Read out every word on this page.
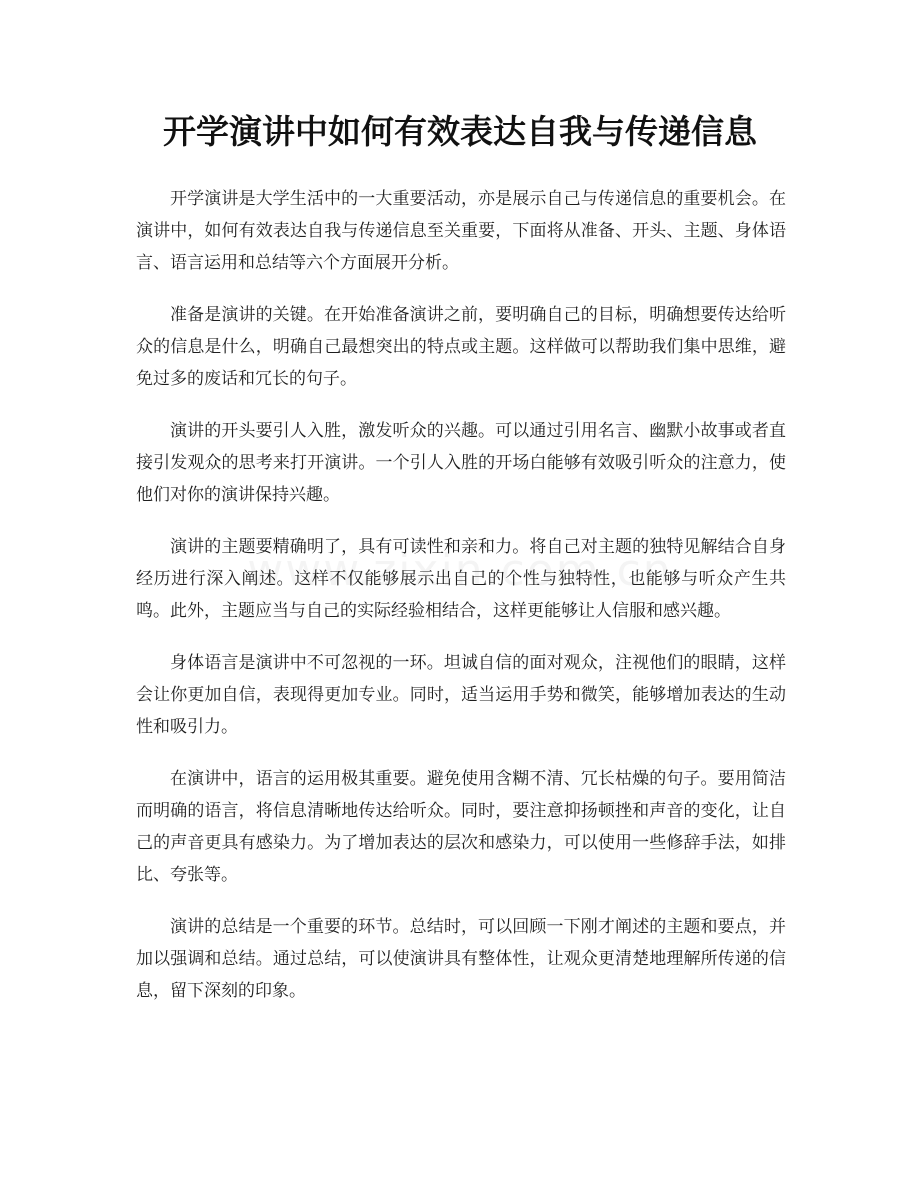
开学演讲中如何有效表达自我与传递信息

开学演讲是大学生活中的一大重要活动，亦是展示自己与传递信息的重要机会。在演讲中，如何有效表达自我与传递信息至关重要，下面将从准备、开头、主题、身体语言、语言运用和总结等六个方面展开分析。

准备是演讲的关键。在开始准备演讲之前，要明确自己的目标，明确想要传达给听众的信息是什么，明确自己最想突出的特点或主题。这样做可以帮助我们集中思维，避免过多的废话和冗长的句子。

演讲的开头要引人入胜，激发听众的兴趣。可以通过引用名言、幽默小故事或者直接引发观众的思考来打开演讲。一个引人入胜的开场白能够有效吸引听众的注意力，使他们对你的演讲保持兴趣。

演讲的主题要精确明了，具有可读性和亲和力。将自己对主题的独特见解结合自身经历进行深入阐述。这样不仅能够展示出自己的个性与独特性，也能够与听众产生共鸣。此外，主题应当与自己的实际经验相结合，这样更能够让人信服和感兴趣。

身体语言是演讲中不可忽视的一环。坦诚自信的面对观众，注视他们的眼睛，这样会让你更加自信，表现得更加专业。同时，适当运用手势和微笑，能够增加表达的生动性和吸引力。

在演讲中，语言的运用极其重要。避免使用含糊不清、冗长枯燥的句子。要用简洁而明确的语言，将信息清晰地传达给听众。同时，要注意抑扬顿挫和声音的变化，让自己的声音更具有感染力。为了增加表达的层次和感染力，可以使用一些修辞手法，如排比、夸张等。

演讲的总结是一个重要的环节。总结时，可以回顾一下刚才阐述的主题和要点，并加以强调和总结。通过总结，可以使演讲具有整体性，让观众更清楚地理解所传递的信息，留下深刻的印象。
